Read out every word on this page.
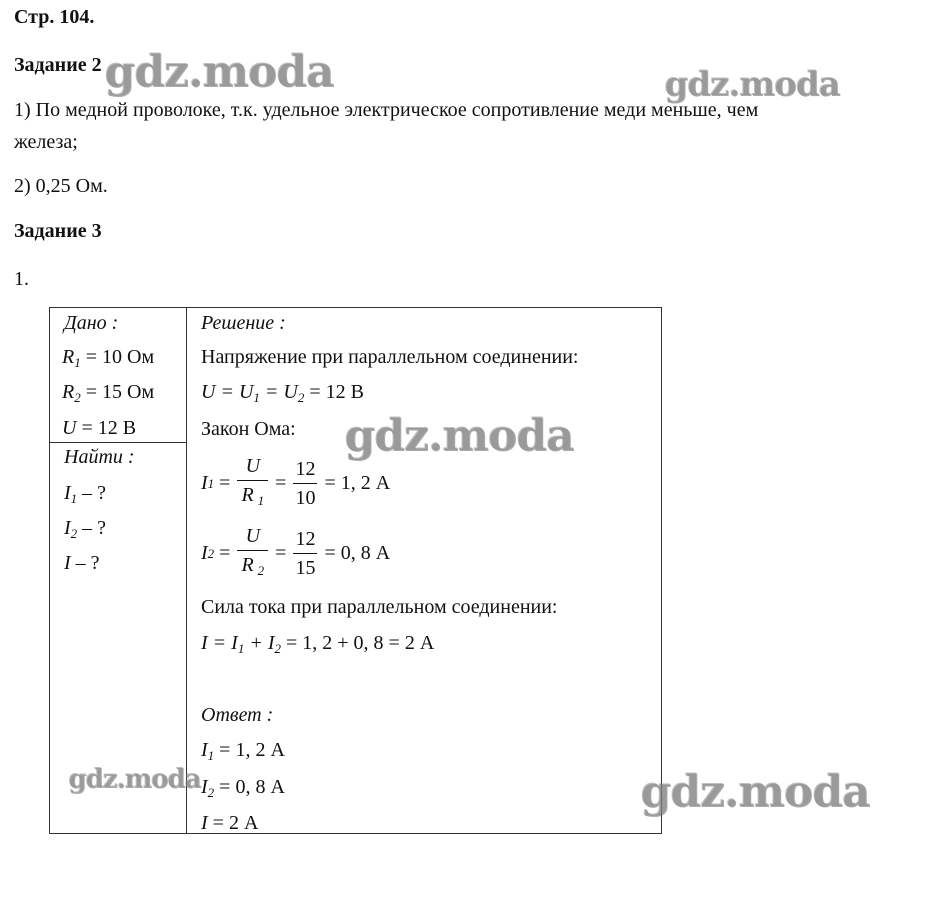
Стр. 104.
Задание 2
1) По медной проволоке, т.к. удельное электрическое сопротивление меди меньше, чем
железа;
2) 0,25 Ом.
Задание 3
1.
Дано :
$R_1 = 10$ Ом
$R_2 = 15$ Ом
U = 12 В
Найти :
$I_1$ – ?
$I_2$ – ?
I – ?
Решение :
Напряжение при параллельном соединении:
$U = U_1 = U_2 = 12$ В
Закон Ома:
I $1 = \frac{U}{R _1} = \frac{12}{10} = 1$, 2 А
I $2 = \frac{U}{R _2} = \frac{12}{15} = 0$, 8 А
Сила тока при параллельном соединении:
$I = I_1 + I_2 = 1$, 2 + 0, 8 = 2 А
Ответ :
$I_1 = 1$, 2 А
$I_2 = 0$, 8 А
I = 2 А
gdz.moda	gdz.moda
gdz.moda
gdz.moda	gdz.moda
